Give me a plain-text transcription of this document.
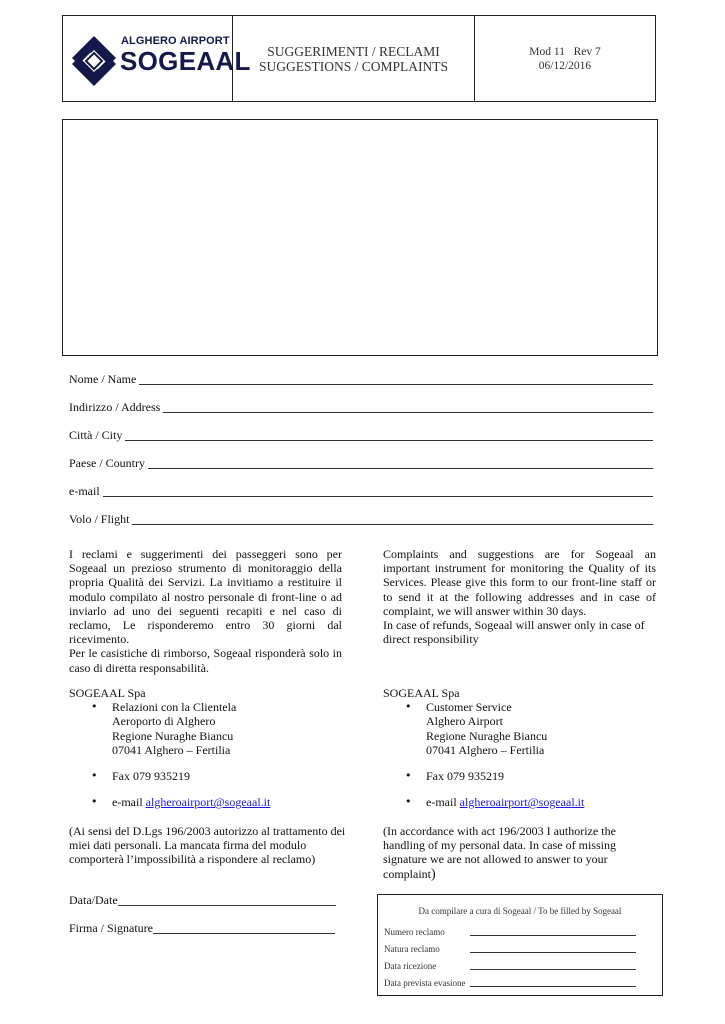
ALGHERO AIRPORT
SOGEAAL SUGGERIMENTI / RECLAMI
SUGGESTIONS / COMPLAINTS
Mod 11 Rev 7
06/12/2016
Nome / Name
Indirizzo / Address
Città / City
Paese / Country
e-mail
Volo / Flight

I reclami e suggerimenti dei passeggeri sono per Sogeaal un prezioso strumento di monitoraggio della propria Qualità dei Servizi. La invitiamo a restituire il modulo compilato al nostro personale di front-line o ad inviarlo ad uno dei seguenti recapiti e nel caso di reclamo, Le risponderemo entro 30 giorni dal ricevimento.

Per le casistiche di rimborso, Sogeaal risponderà solo in caso di diretta responsabilità.

SOGEAAL Spa
• Relazioni con la Clientela
Aeroporto di Alghero
Regione Nuraghe Biancu
07041 Alghero – Fertilia
• Fax 079 935219
• e-mail algheroairport@sogeaal.it
(Ai sensi del D.Lgs 196/2003 autorizzo al trattamento dei miei dati personali. La mancata firma del modulo comporterà l’impossibilità a rispondere al reclamo)

Complaints and suggestions are for Sogeaal an important instrument for monitoring the Quality of its Services. Please give this form to our front-line staff or to send it at the following addresses and in case of complaint, we will answer within 30 days.

In case of refunds, Sogeaal will answer only in case of direct responsibility

SOGEAAL Spa
• Customer Service
Alghero Airport
Regione Nuraghe Biancu
07041 Alghero – Fertilia
• Fax 079 935219
• e-mail algheroairport@sogeaal.it
(In accordance with act 196/2003 I authorize the handling of my personal data. In case of missing signature we are not allowed to answer to your complaint)
Data/Date
Firma / Signature
Da compilare a cura di Sogeaal / To be filled by Sogeaal
Numero reclamo
Natura reclamo
Data ricezione
Data prevista evasione
